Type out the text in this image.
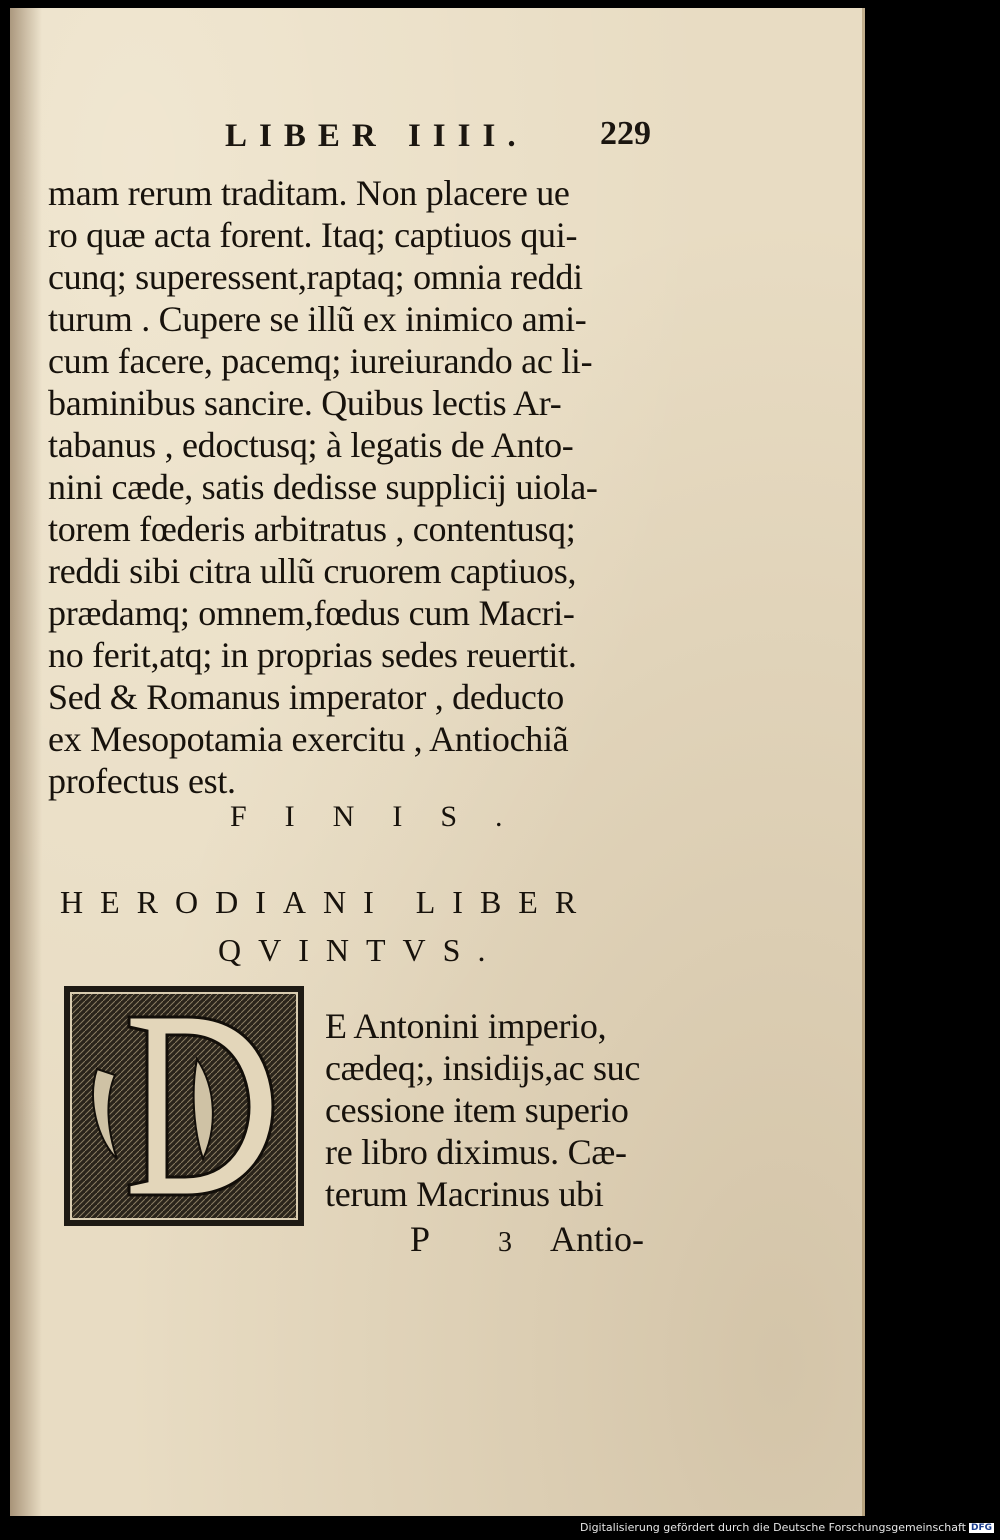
LIBER IIII. 229
mam rerum traditam. Non placere ue
ro quæ acta forent. Itaq; captiuos qui-
cunq; superessent,raptaq; omnia reddi
turum . Cupere se illũ ex inimico ami-
cum facere, pacemq; iureiurando ac li-
baminibus sancire. Quibus lectis Ar-
tabanus , edoctusq; à legatis de Anto-
nini cæde, satis dedisse supplicij uiola-
torem fœderis arbitratus , contentusq;
reddi sibi citra ullũ cruorem captiuos,
prædamq; omnem,fœdus cum Macri-
no ferit,atq; in proprias sedes reuertit.
Sed & Romanus imperator , deducto
ex Mesopotamia exercitu , Antiochiã
profectus est.
FINIS.
HERODIANI LIBER
QVINTVS.
E Antonini imperio,
cædeq;, insidijs,ac suc
cessione item superio
re libro diximus. Cæ-
terum Macrinus ubi
P 3 Antio-
Digitalisierung gefördert durch die Deutsche Forschungsgemeinschaft DFG
